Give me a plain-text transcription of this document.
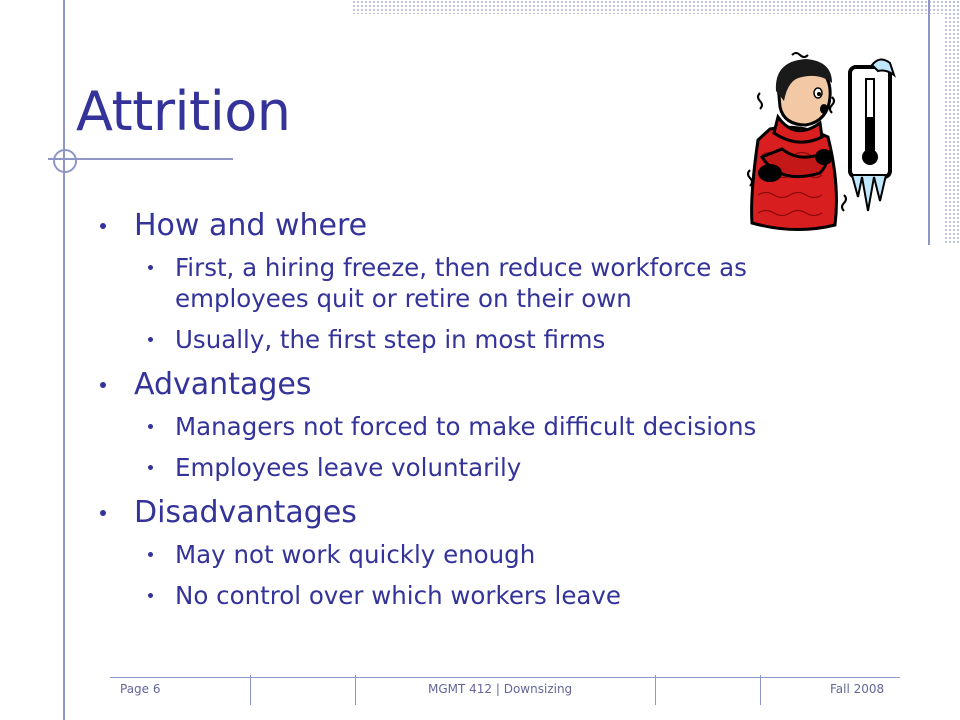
Attrition
How and where
First, a hiring freeze, then reduce workforce as employees quit or retire on their own
Usually, the first step in most firms
Advantages
Managers not forced to make difficult decisions
Employees leave voluntarily
Disadvantages
May not work quickly enough
No control over which workers leave
Page 6	MGMT 412 | Downsizing	Fall 2008
